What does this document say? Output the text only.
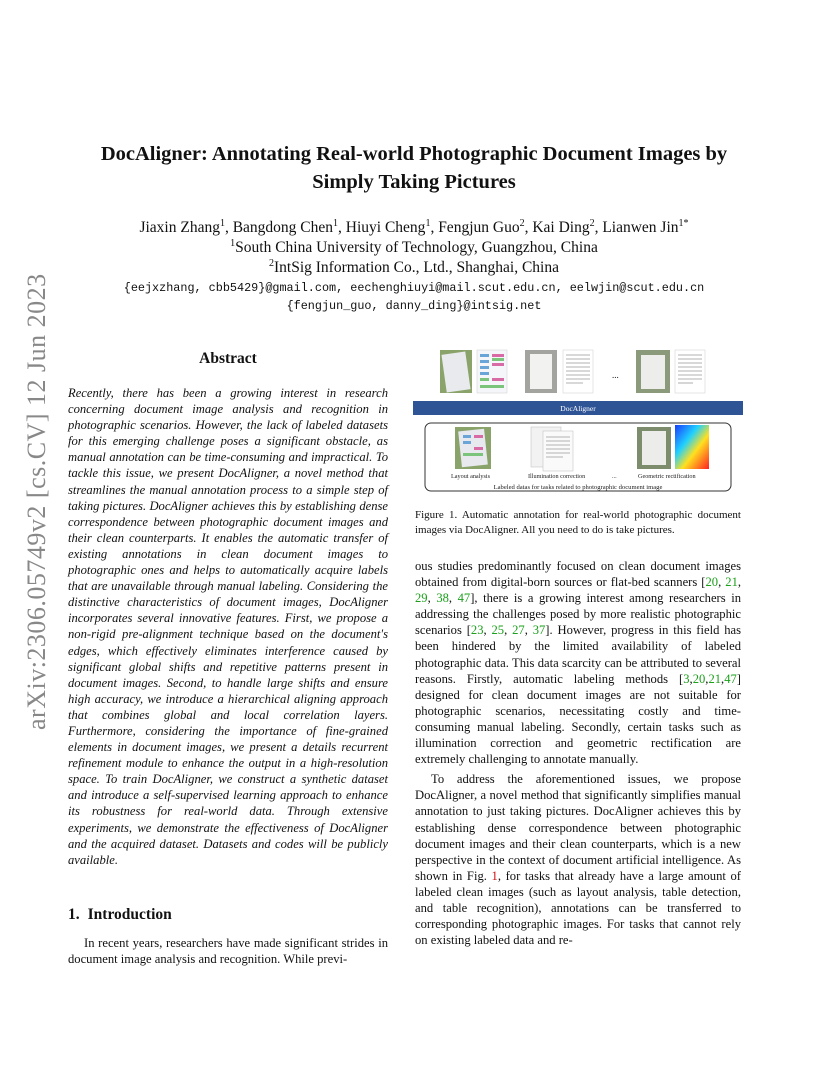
arXiv:2306.05749v2 [cs.CV] 12 Jun 2023
DocAligner: Annotating Real-world Photographic Document Images by
Simply Taking Pictures
Jiaxin Zhang$^1$, Bangdong Chen$^1$, Hiuyi Cheng$^1$, Fengjun Guo$^2$, Kai Ding$^2$, Lianwen Jin$^{1*}$
$^1$South China University of Technology, Guangzhou, China
$^2$IntSig Information Co., Ltd., Shanghai, China
{eejxzhang, cbb5429}@gmail.com, eechenghiuyi@mail.scut.edu.cn, eelwjin@scut.edu.cn
{fengjun_guo, danny_ding}@intsig.net
Abstract
Recently, there has been a growing interest in research concerning document image analysis and recognition in photographic scenarios. However, the lack of labeled datasets for this emerging challenge poses a significant obstacle, as manual annotation can be time-consuming and impractical. To tackle this issue, we present DocAligner, a novel method that streamlines the manual annotation process to a simple step of taking pictures. DocAligner achieves this by establishing dense correspondence between photographic document images and their clean counterparts. It enables the automatic transfer of existing annotations in clean document images to photographic ones and helps to automatically acquire labels that are unavailable through manual labeling. Considering the distinctive characteristics of document images, DocAligner incorporates several innovative features. First, we propose a non-rigid pre-alignment technique based on the document's edges, which effectively eliminates interference caused by significant global shifts and repetitive patterns present in document images. Second, to handle large shifts and ensure high accuracy, we introduce a hierarchical aligning approach that combines global and local correlation layers. Furthermore, considering the importance of fine-grained elements in document images, we present a details recurrent refinement module to enhance the output in a high-resolution space. To train DocAligner, we construct a synthetic dataset and introduce a self-supervised learning approach to enhance its robustness for real-world data. Through extensive experiments, we demonstrate the effectiveness of DocAligner and the acquired dataset. Datasets and codes will be publicly available.
1. Introduction
In recent years, researchers have made significant strides in document image analysis and recognition. While previ-
...
DocAligner
Layout analysis	Illumination correction	...	Geometric rectification
Labeled datas for tasks related to photographic document image
Figure 1. Automatic annotation for real-world photographic document images via DocAligner. All you need to do is take pictures.

ous studies predominantly focused on clean document images obtained from digital-born sources or flat-bed scanners [20, 21, 29, 38, 47], there is a growing interest among researchers in addressing the challenges posed by more realistic photographic scenarios [23, 25, 27, 37]. However, progress in this field has been hindered by the limited availability of labeled photographic data. This data scarcity can be attributed to several reasons. Firstly, automatic labeling methods [3,20,21,47] designed for clean document images are not suitable for photographic scenarios, necessitating costly and time-consuming manual labeling. Secondly, certain tasks such as illumination correction and geometric rectification are extremely challenging to annotate manually.

To address the aforementioned issues, we propose DocAligner, a novel method that significantly simplifies manual annotation to just taking pictures. DocAligner achieves this by establishing dense correspondence between photographic document images and their clean counterparts, which is a new perspective in the context of document artificial intelligence. As shown in Fig. 1, for tasks that already have a large amount of labeled clean images (such as layout analysis, table detection, and table recognition), annotations can be transferred to corresponding photographic images. For tasks that cannot rely on existing labeled data and re-
